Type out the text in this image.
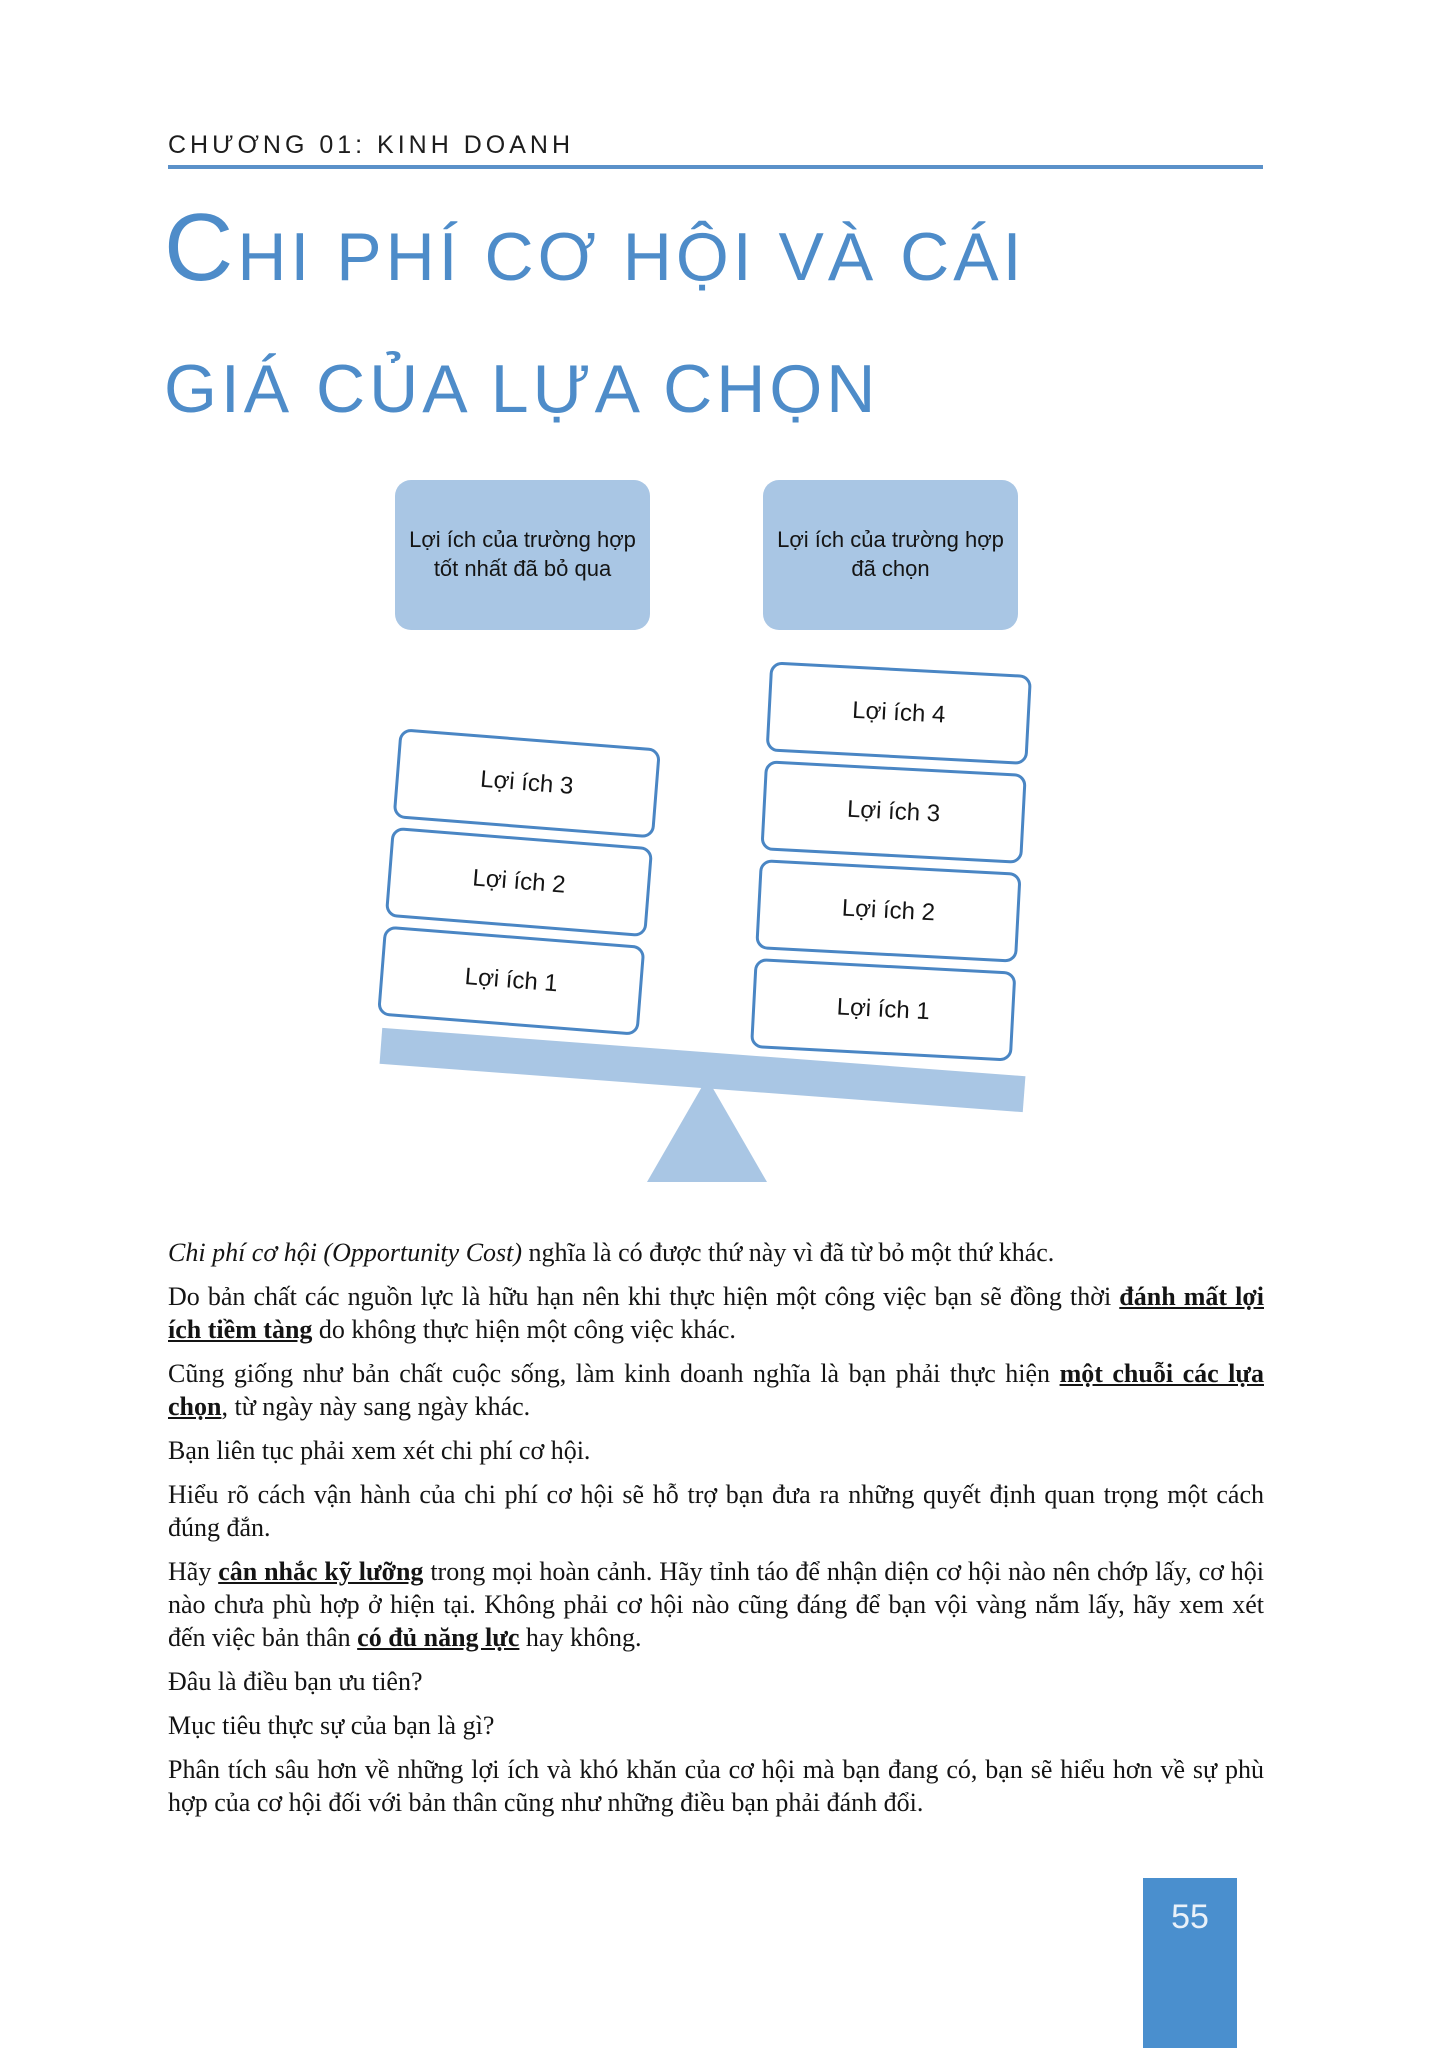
CHƯƠNG 01: KINH DOANH
CHI PHÍ CƠ HỘI VÀ CÁI
GIÁ CỦA LỰA CHỌN
Lợi ích của trường hợp
tốt nhất đã bỏ qua
Lợi ích của trường hợp
đã chọn
Lợi ích 3
Lợi ích 2
Lợi ích 1
Lợi ích 4
Lợi ích 3
Lợi ích 2
Lợi ích 1

Chi phí cơ hội (Opportunity Cost) nghĩa là có được thứ này vì đã từ bỏ một thứ khác.

Do bản chất các nguồn lực là hữu hạn nên khi thực hiện một công việc bạn sẽ đồng thời đánh mất lợi ích tiềm tàng do không thực hiện một công việc khác.

Cũng giống như bản chất cuộc sống, làm kinh doanh nghĩa là bạn phải thực hiện một chuỗi các lựa chọn, từ ngày này sang ngày khác.

Bạn liên tục phải xem xét chi phí cơ hội.

Hiểu rõ cách vận hành của chi phí cơ hội sẽ hỗ trợ bạn đưa ra những quyết định quan trọng một cách đúng đắn.

Hãy cân nhắc kỹ lưỡng trong mọi hoàn cảnh. Hãy tỉnh táo để nhận diện cơ hội nào nên chớp lấy, cơ hội nào chưa phù hợp ở hiện tại. Không phải cơ hội nào cũng đáng để bạn vội vàng nắm lấy, hãy xem xét đến việc bản thân có đủ năng lực hay không.

Đâu là điều bạn ưu tiên?

Mục tiêu thực sự của bạn là gì?

Phân tích sâu hơn về những lợi ích và khó khăn của cơ hội mà bạn đang có, bạn sẽ hiểu hơn về sự phù hợp của cơ hội đối với bản thân cũng như những điều bạn phải đánh đổi.

55
